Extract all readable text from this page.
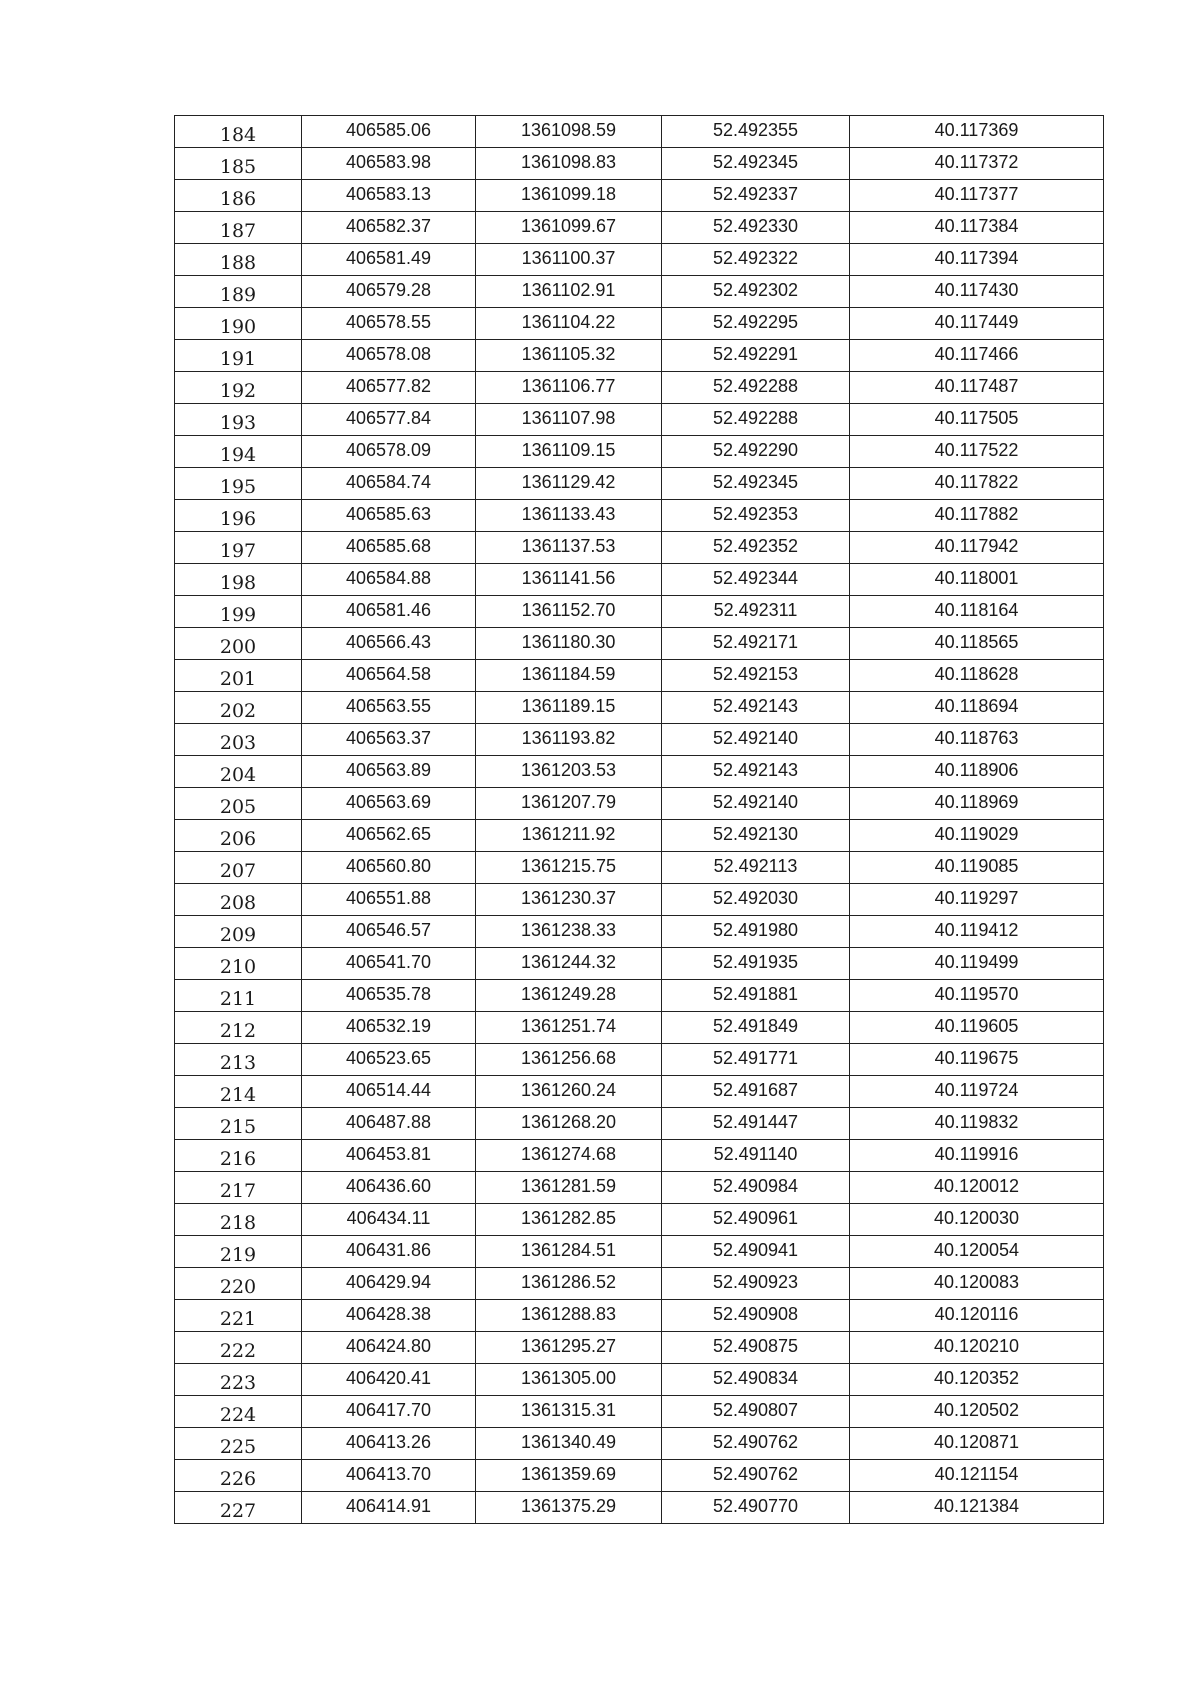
184	406585.06	1361098.59	52.492355	40.117369
185	406583.98	1361098.83	52.492345	40.117372
186	406583.13	1361099.18	52.492337	40.117377
187	406582.37	1361099.67	52.492330	40.117384
188	406581.49	1361100.37	52.492322	40.117394
189	406579.28	1361102.91	52.492302	40.117430
190	406578.55	1361104.22	52.492295	40.117449
191	406578.08	1361105.32	52.492291	40.117466
192	406577.82	1361106.77	52.492288	40.117487
193	406577.84	1361107.98	52.492288	40.117505
194	406578.09	1361109.15	52.492290	40.117522
195	406584.74	1361129.42	52.492345	40.117822
196	406585.63	1361133.43	52.492353	40.117882
197	406585.68	1361137.53	52.492352	40.117942
198	406584.88	1361141.56	52.492344	40.118001
199	406581.46	1361152.70	52.492311	40.118164
200	406566.43	1361180.30	52.492171	40.118565
201	406564.58	1361184.59	52.492153	40.118628
202	406563.55	1361189.15	52.492143	40.118694
203	406563.37	1361193.82	52.492140	40.118763
204	406563.89	1361203.53	52.492143	40.118906
205	406563.69	1361207.79	52.492140	40.118969
206	406562.65	1361211.92	52.492130	40.119029
207	406560.80	1361215.75	52.492113	40.119085
208	406551.88	1361230.37	52.492030	40.119297
209	406546.57	1361238.33	52.491980	40.119412
210	406541.70	1361244.32	52.491935	40.119499
211	406535.78	1361249.28	52.491881	40.119570
212	406532.19	1361251.74	52.491849	40.119605
213	406523.65	1361256.68	52.491771	40.119675
214	406514.44	1361260.24	52.491687	40.119724
215	406487.88	1361268.20	52.491447	40.119832
216	406453.81	1361274.68	52.491140	40.119916
217	406436.60	1361281.59	52.490984	40.120012
218	406434.11	1361282.85	52.490961	40.120030
219	406431.86	1361284.51	52.490941	40.120054
220	406429.94	1361286.52	52.490923	40.120083
221	406428.38	1361288.83	52.490908	40.120116
222	406424.80	1361295.27	52.490875	40.120210
223	406420.41	1361305.00	52.490834	40.120352
224	406417.70	1361315.31	52.490807	40.120502
225	406413.26	1361340.49	52.490762	40.120871
226	406413.70	1361359.69	52.490762	40.121154
227	406414.91	1361375.29	52.490770	40.121384
